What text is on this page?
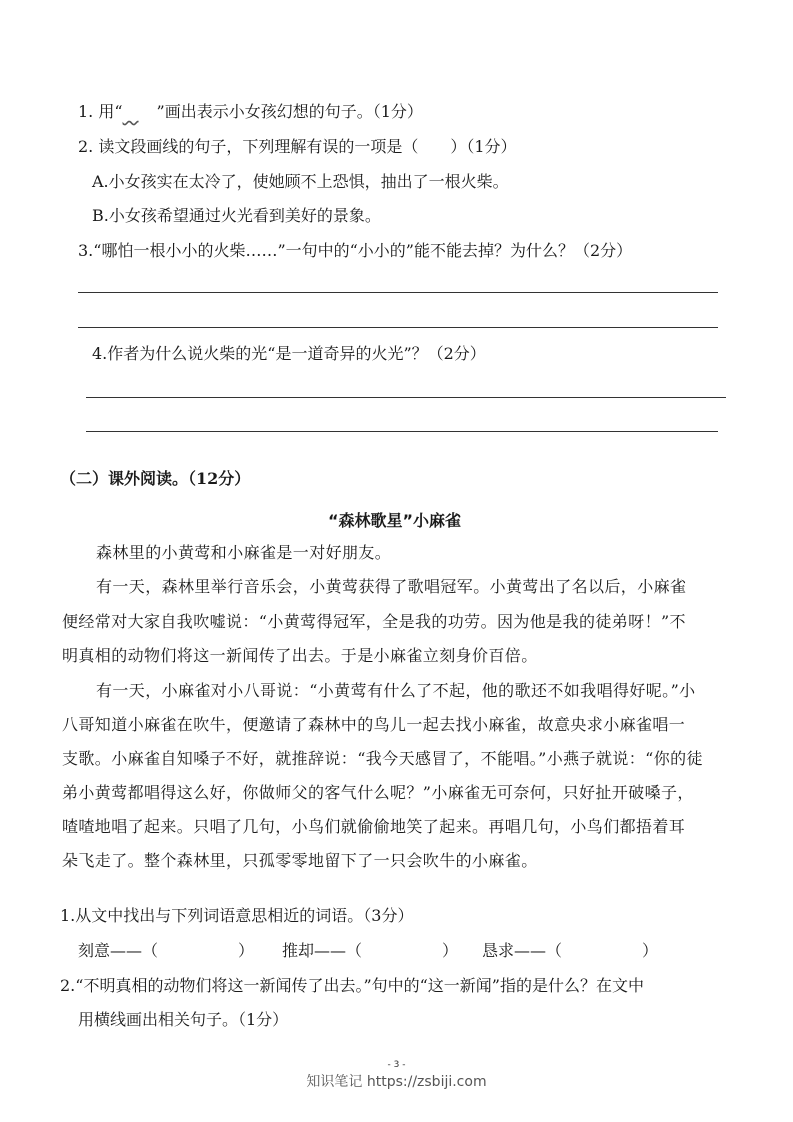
1. 用“ ”画出表示小女孩幻想的句子。（1分）
2. 读文段画线的句子，下列理解有误的一项是（　　）（1分）
A.小女孩实在太冷了，使她顾不上恐惧，抽出了一根火柴。
B.小女孩希望通过火光看到美好的景象。
3.“哪怕一根小小的火柴……”一句中的“小小的”能不能去掉？为什么？（2分）
4.作者为什么说火柴的光“是一道奇异的火光”？（2分）
（二）课外阅读。（12分）
“森林歌星”小麻雀
森林里的小黄莺和小麻雀是一对好朋友。
有一天，森林里举行音乐会，小黄莺获得了歌唱冠军。小黄莺出了名以后，小麻雀
便经常对大家自我吹嘘说：“小黄莺得冠军，全是我的功劳。因为他是我的徒弟呀！”不
明真相的动物们将这一新闻传了出去。于是小麻雀立刻身价百倍。
有一天，小麻雀对小八哥说：“小黄莺有什么了不起，他的歌还不如我唱得好呢。”小
八哥知道小麻雀在吹牛，便邀请了森林中的鸟儿一起去找小麻雀，故意央求小麻雀唱一
支歌。小麻雀自知嗓子不好，就推辞说：“我今天感冒了，不能唱。”小燕子就说：“你的徒
弟小黄莺都唱得这么好，你做师父的客气什么呢？”小麻雀无可奈何，只好扯开破嗓子，
喳喳地唱了起来。只唱了几句，小鸟们就偷偷地笑了起来。再唱几句，小鸟们都捂着耳
朵飞走了。整个森林里，只孤零零地留下了一只会吹牛的小麻雀。
1.从文中找出与下列词语意思相近的词语。（3分）
刻意——（　　　　　） 推却——（　　　　　） 恳求——（　　　　　）
2.“不明真相的动物们将这一新闻传了出去。”句中的“这一新闻”指的是什么？在文中
用横线画出相关句子。（1分）
- 3 -
知识笔记 https://zsbiji.com
